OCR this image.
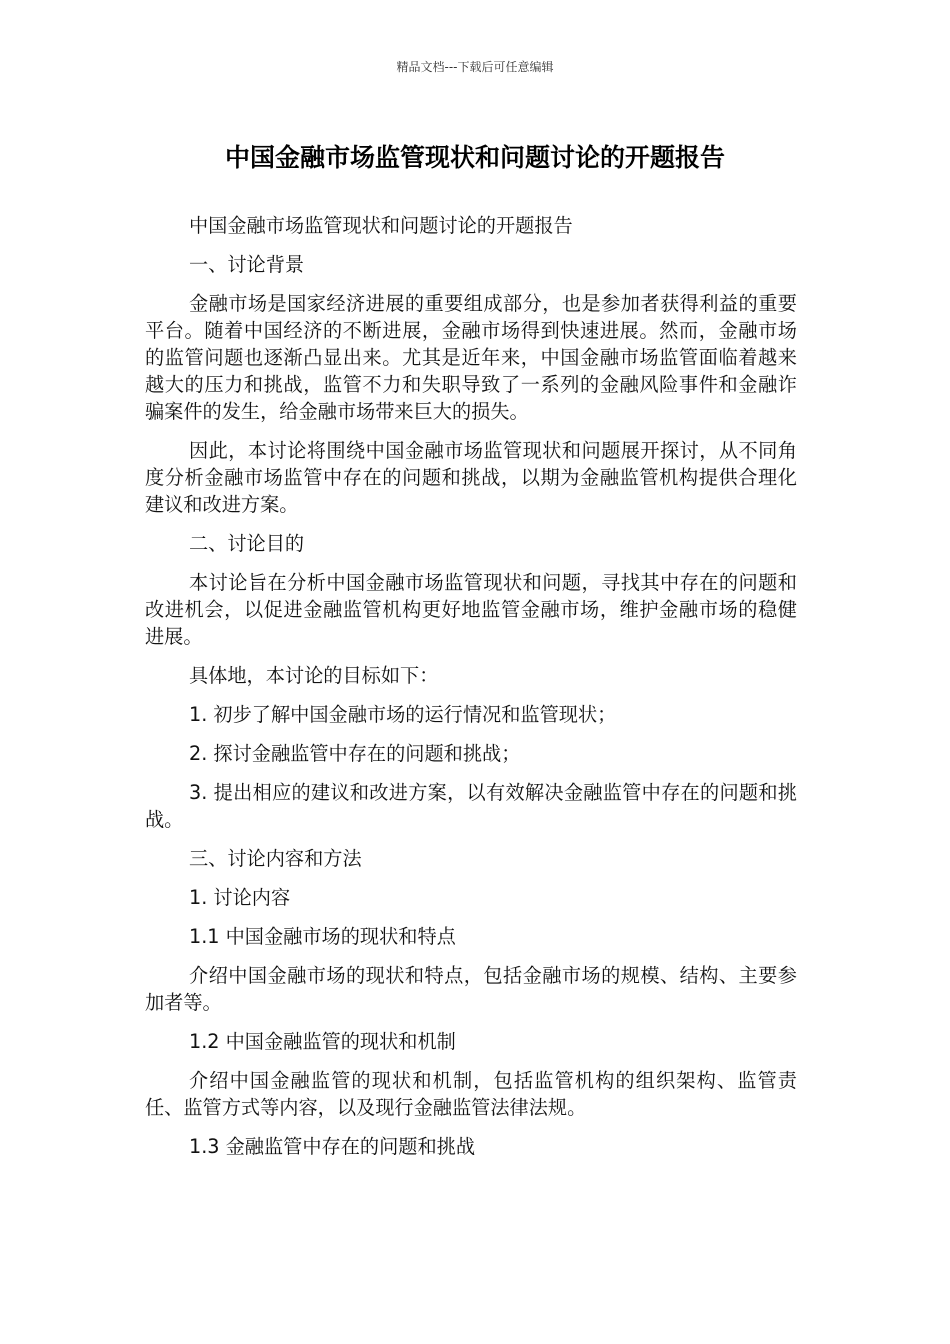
精品文档---下载后可任意编辑
中国金融市场监管现状和问题讨论的开题报告

中国金融市场监管现状和问题讨论的开题报告

一、讨论背景

金融市场是国家经济进展的重要组成部分，也是参加者获得利益的重要平台。随着中国经济的不断进展，金融市场得到快速进展。然而，金融市场的监管问题也逐渐凸显出来。尤其是近年来，中国金融市场监管面临着越来越大的压力和挑战，监管不力和失职导致了一系列的金融风险事件和金融诈骗案件的发生，给金融市场带来巨大的损失。

因此，本讨论将围绕中国金融市场监管现状和问题展开探讨，从不同角度分析金融市场监管中存在的问题和挑战，以期为金融监管机构提供合理化建议和改进方案。

二、讨论目的

本讨论旨在分析中国金融市场监管现状和问题，寻找其中存在的问题和改进机会，以促进金融监管机构更好地监管金融市场，维护金融市场的稳健进展。

具体地，本讨论的目标如下：

1. 初步了解中国金融市场的运行情况和监管现状；

2. 探讨金融监管中存在的问题和挑战；

3. 提出相应的建议和改进方案，以有效解决金融监管中存在的问题和挑战。

三、讨论内容和方法

1. 讨论内容

1.1 中国金融市场的现状和特点

介绍中国金融市场的现状和特点，包括金融市场的规模、结构、主要参加者等。

1.2 中国金融监管的现状和机制

介绍中国金融监管的现状和机制，包括监管机构的组织架构、监管责任、监管方式等内容，以及现行金融监管法律法规。

1.3 金融监管中存在的问题和挑战
